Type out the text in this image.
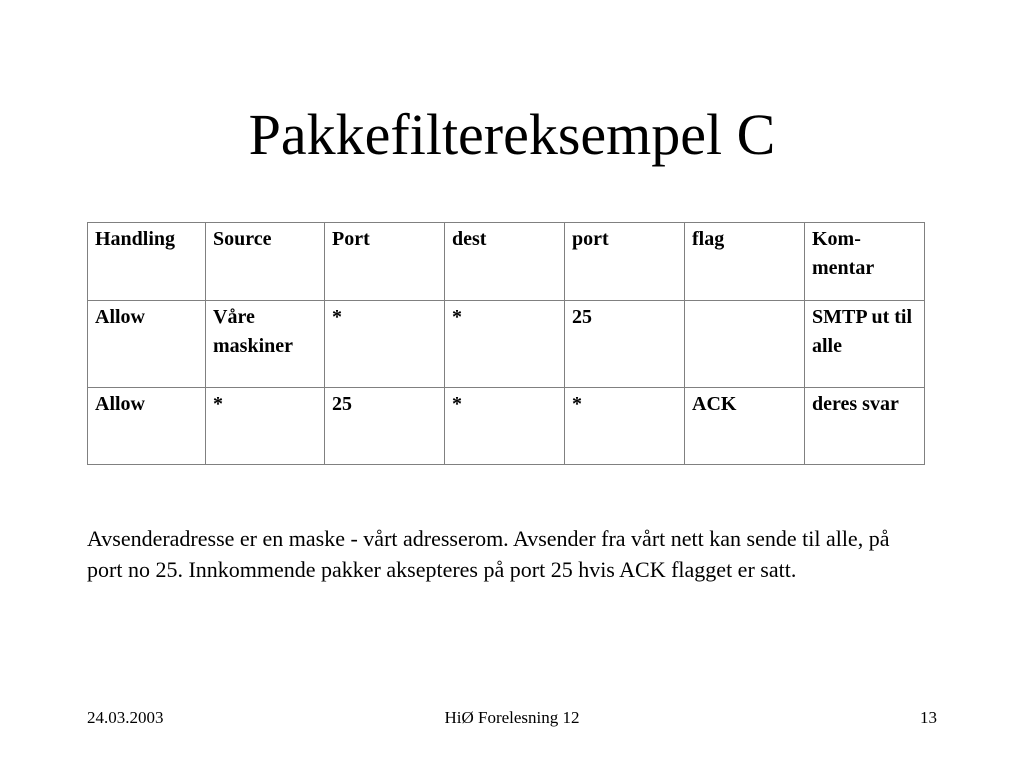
Pakkefiltereksempel C
Handling	Source	Port	dest	port	flag	Kom-
mentar
Allow	Våre maskiner	*	*	25		SMTP ut til alle
Allow	*	25	*	*	ACK	deres svar
Avsenderadresse er en maske - vårt adresserom. Avsender fra vårt nett kan sende til alle, på port no 25. Innkommende pakker aksepteres på port 25 hvis ACK flagget er satt.
24.03.2003	HiØ Forelesning 12	13
